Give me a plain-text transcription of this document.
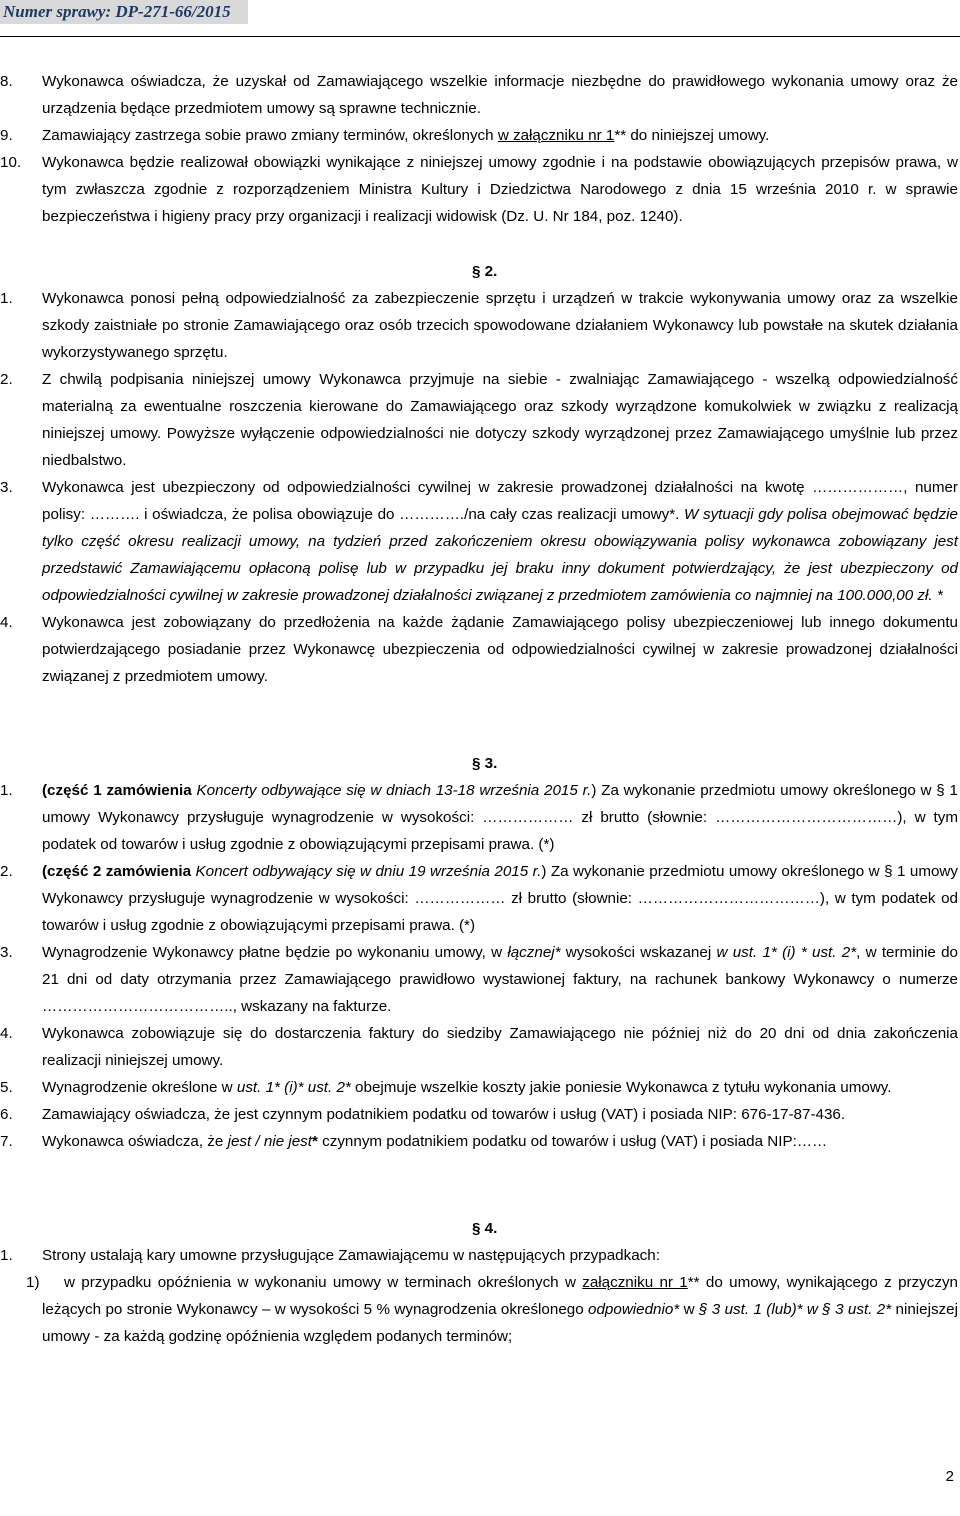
Numer sprawy: DP-271-66/2015
8. Wykonawca oświadcza, że uzyskał od Zamawiającego wszelkie informacje niezbędne do prawidłowego wykonania umowy oraz że urządzenia będące przedmiotem umowy są sprawne technicznie.
9. Zamawiający zastrzega sobie prawo zmiany terminów, określonych w załączniku nr 1** do niniejszej umowy.
10. Wykonawca będzie realizował obowiązki wynikające z niniejszej umowy zgodnie i na podstawie obowiązujących przepisów prawa, w tym zwłaszcza zgodnie z rozporządzeniem Ministra Kultury i Dziedzictwa Narodowego z dnia 15 września 2010 r. w sprawie bezpieczeństwa i higieny pracy przy organizacji i realizacji widowisk (Dz. U. Nr 184, poz. 1240).
§ 2.
1. Wykonawca ponosi pełną odpowiedzialność za zabezpieczenie sprzętu i urządzeń w trakcie wykonywania umowy oraz za wszelkie szkody zaistniałe po stronie Zamawiającego oraz osób trzecich spowodowane działaniem Wykonawcy lub powstałe na skutek działania wykorzystywanego sprzętu.
2. Z chwilą podpisania niniejszej umowy Wykonawca przyjmuje na siebie - zwalniając Zamawiającego - wszelką odpowiedzialność materialną za ewentualne roszczenia kierowane do Zamawiającego oraz szkody wyrządzone komukolwiek w związku z realizacją niniejszej umowy. Powyższe wyłączenie odpowiedzialności nie dotyczy szkody wyrządzonej przez Zamawiającego umyślnie lub przez niedbalstwo.
3. Wykonawca jest ubezpieczony od odpowiedzialności cywilnej w zakresie prowadzonej działalności na kwotę ………………, numer polisy: ………. i oświadcza, że polisa obowiązuje do …………./na cały czas realizacji umowy*. W sytuacji gdy polisa obejmować będzie tylko część okresu realizacji umowy, na tydzień przed zakończeniem okresu obowiązywania polisy wykonawca zobowiązany jest przedstawić Zamawiającemu opłaconą polisę lub w przypadku jej braku inny dokument potwierdzający, że jest ubezpieczony od odpowiedzialności cywilnej w zakresie prowadzonej działalności związanej z przedmiotem zamówienia co najmniej na 100.000,00 zł. *
4. Wykonawca jest zobowiązany do przedłożenia na każde żądanie Zamawiającego polisy ubezpieczeniowej lub innego dokumentu potwierdzającego posiadanie przez Wykonawcę ubezpieczenia od odpowiedzialności cywilnej w zakresie prowadzonej działalności związanej z przedmiotem umowy.
§ 3.
1. (część 1 zamówienia Koncerty odbywające się w dniach 13-18 września 2015 r.) Za wykonanie przedmiotu umowy określonego w § 1 umowy Wykonawcy przysługuje wynagrodzenie w wysokości: ……………… zł brutto (słownie: ………………………………), w tym podatek od towarów i usług zgodnie z obowiązującymi przepisami prawa. (*)
2. (część 2 zamówienia Koncert odbywający się w dniu 19 września 2015 r.) Za wykonanie przedmiotu umowy określonego w § 1 umowy Wykonawcy przysługuje wynagrodzenie w wysokości: ……………… zł brutto (słownie: ………………………………), w tym podatek od towarów i usług zgodnie z obowiązującymi przepisami prawa. (*)
3. Wynagrodzenie Wykonawcy płatne będzie po wykonaniu umowy, w łącznej* wysokości wskazanej w ust. 1* (i) * ust. 2*, w terminie do 21 dni od daty otrzymania przez Zamawiającego prawidłowo wystawionej faktury, na rachunek bankowy Wykonawcy o numerze ……………………………….., wskazany na fakturze.
4. Wykonawca zobowiązuje się do dostarczenia faktury do siedziby Zamawiającego nie później niż do 20 dni od dnia zakończenia realizacji niniejszej umowy.
5. Wynagrodzenie określone w ust. 1* (i)* ust. 2* obejmuje wszelkie koszty jakie poniesie Wykonawca z tytułu wykonania umowy.
6. Zamawiający oświadcza, że jest czynnym podatnikiem podatku od towarów i usług (VAT) i posiada NIP: 676-17-87-436.
7. Wykonawca oświadcza, że jest / nie jest* czynnym podatnikiem podatku od towarów i usług (VAT) i posiada NIP:……
§ 4.
1. Strony ustalają kary umowne przysługujące Zamawiającemu w następujących przypadkach:
1) w przypadku opóźnienia w wykonaniu umowy w terminach określonych w załączniku nr 1** do umowy, wynikającego z przyczyn leżących po stronie Wykonawcy – w wysokości 5 % wynagrodzenia określonego odpowiednio* w § 3 ust. 1 (lub)* w § 3 ust. 2* niniejszej umowy - za każdą godzinę opóźnienia względem podanych terminów;
2
